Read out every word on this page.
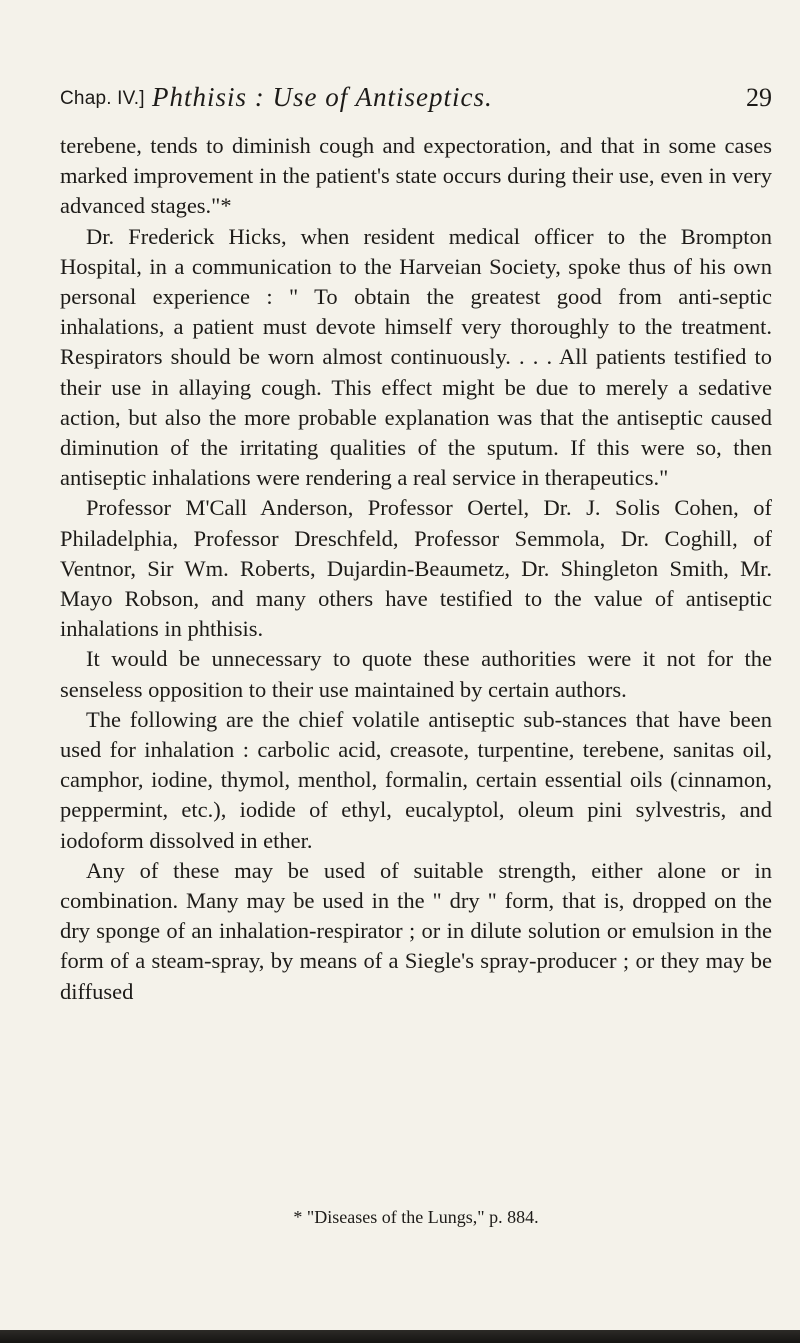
Chap. IV.] Phthisis : Use of Antiseptics.	29

terebene, tends to diminish cough and expectoration, and that in some cases marked improvement in the patient's state occurs during their use, even in very advanced stages."*

Dr. Frederick Hicks, when resident medical officer to the Brompton Hospital, in a communication to the Harveian Society, spoke thus of his own personal experience : " To obtain the greatest good from anti-septic inhalations, a patient must devote himself very thoroughly to the treatment. Respirators should be worn almost continuously. . . . All patients testified to their use in allaying cough. This effect might be due to merely a sedative action, but also the more probable explanation was that the antiseptic caused diminution of the irritating qualities of the sputum. If this were so, then antiseptic inhalations were rendering a real service in therapeutics."

Professor M'Call Anderson, Professor Oertel, Dr. J. Solis Cohen, of Philadelphia, Professor Dreschfeld, Professor Semmola, Dr. Coghill, of Ventnor, Sir Wm. Roberts, Dujardin-Beaumetz, Dr. Shingleton Smith, Mr. Mayo Robson, and many others have testified to the value of antiseptic inhalations in phthisis.

It would be unnecessary to quote these authorities were it not for the senseless opposition to their use maintained by certain authors.

The following are the chief volatile antiseptic sub-stances that have been used for inhalation : carbolic acid, creasote, turpentine, terebene, sanitas oil, camphor, iodine, thymol, menthol, formalin, certain essential oils (cinnamon, peppermint, etc.), iodide of ethyl, eucalyptol, oleum pini sylvestris, and iodoform dissolved in ether.

Any of these may be used of suitable strength, either alone or in combination. Many may be used in the " dry " form, that is, dropped on the dry sponge of an inhalation-respirator ; or in dilute solution or emulsion in the form of a steam-spray, by means of a Siegle's spray-producer ; or they may be diffused

* "Diseases of the Lungs," p. 884.
